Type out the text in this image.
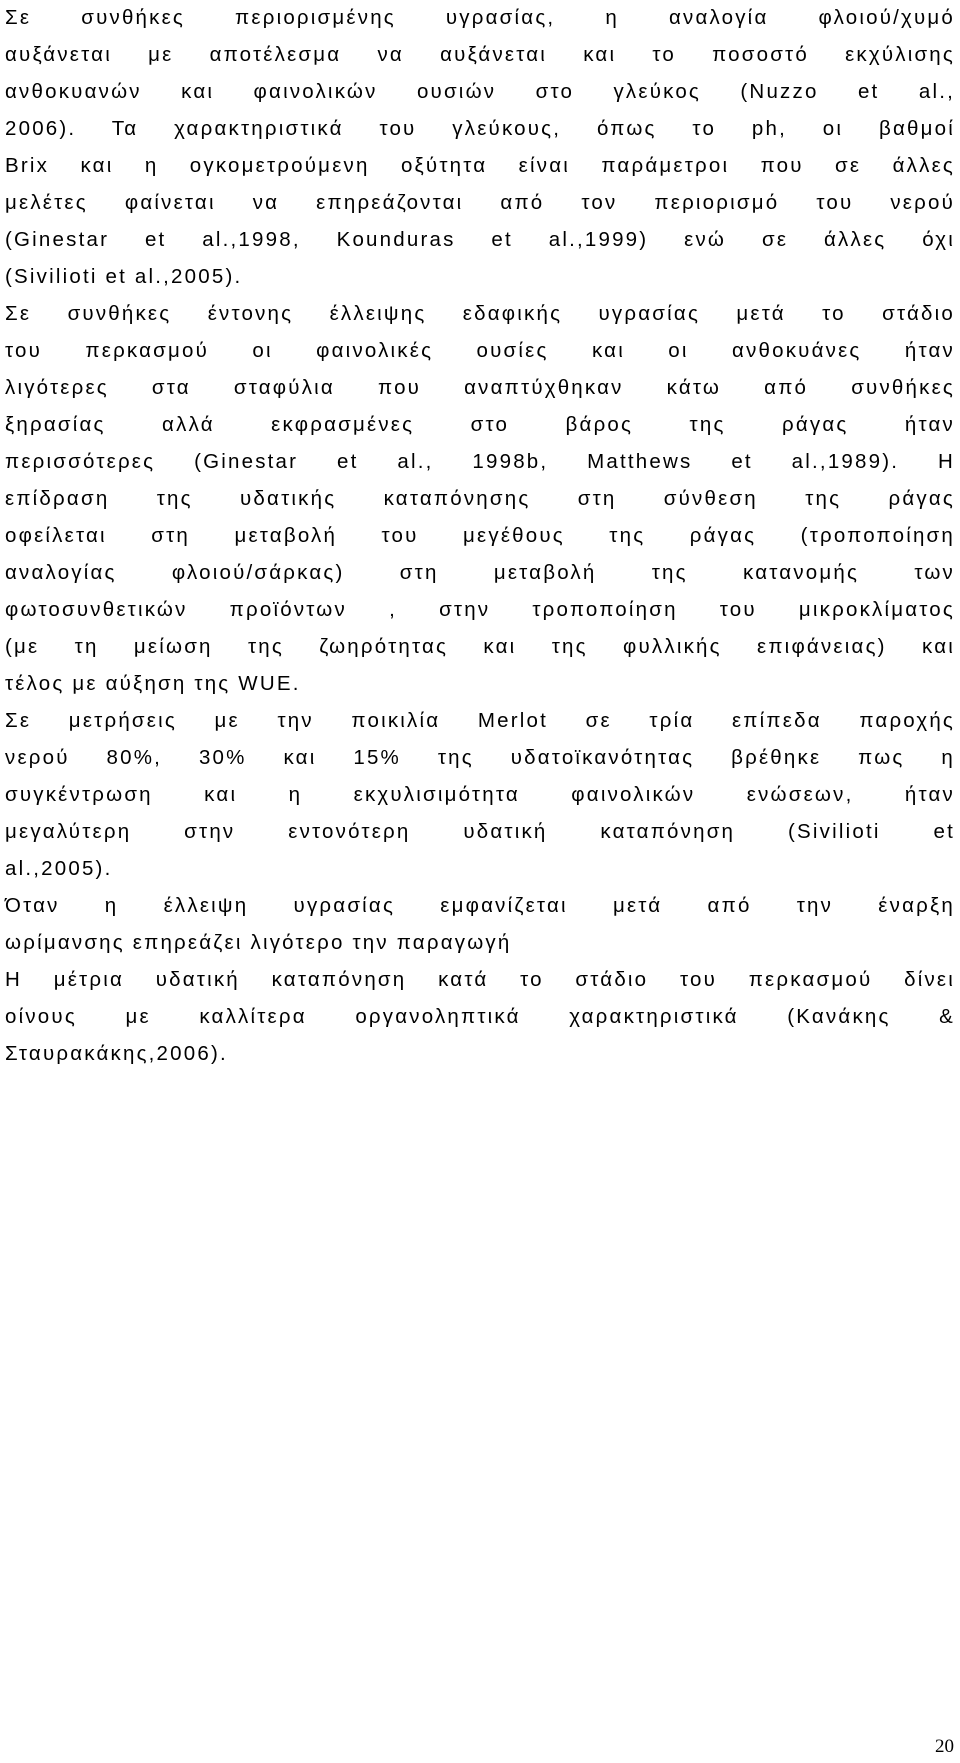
Σε συνθήκες περιορισμένης υγρασίας, η αναλογία φλοιού/χυμό
αυξάνεται με αποτέλεσμα να αυξάνεται και το ποσοστό εκχύλισης
ανθοκυανών και φαινολικών ουσιών στο γλεύκος (Nuzzo et al.,
2006). Τα χαρακτηριστικά του γλεύκους, όπως το ph, οι βαθμοί
Brix και η ογκομετρούμενη οξύτητα είναι παράμετροι που σε άλλες
μελέτες φαίνεται να επηρεάζονται από τον περιορισμό του νερού
(Ginestar et al.,1998, Kounduras et al.,1999) ενώ σε άλλες όχι
(Sivilioti et al.,2005).
Σε συνθήκες έντονης έλλειψης εδαφικής υγρασίας μετά το στάδιο
του περκασμού οι φαινολικές ουσίες και οι ανθοκυάνες ήταν
λιγότερες στα σταφύλια που αναπτύχθηκαν κάτω από συνθήκες
ξηρασίας αλλά εκφρασμένες στο βάρος της ράγας ήταν
περισσότερες (Ginestar et al., 1998b, Matthews et al.,1989). Η
επίδραση της υδατικής καταπόνησης στη σύνθεση της ράγας
οφείλεται στη μεταβολή του μεγέθους της ράγας (τροποποίηση
αναλογίας φλοιού/σάρκας) στη μεταβολή της κατανομής των
φωτοσυνθετικών προϊόντων , στην τροποποίηση του μικροκλίματος
(με τη μείωση της ζωηρότητας και της φυλλικής επιφάνειας) και
τέλος με αύξηση της WUE.
Σε μετρήσεις με την ποικιλία Merlot σε τρία επίπεδα παροχής
νερού 80%, 30% και 15% της υδατοϊκανότητας βρέθηκε πως η
συγκέντρωση και η εκχυλισιμότητα φαινολικών ενώσεων, ήταν
μεγαλύτερη στην εντονότερη υδατική καταπόνηση (Sivilioti et
al.,2005).
Όταν η έλλειψη υγρασίας εμφανίζεται μετά από την έναρξη
ωρίμανσης επηρεάζει λιγότερο την παραγωγή
Η μέτρια υδατική καταπόνηση κατά το στάδιο του περκασμού δίνει
οίνους με καλλίτερα οργανοληπτικά χαρακτηριστικά (Κανάκης &
Σταυρακάκης,2006).
20
